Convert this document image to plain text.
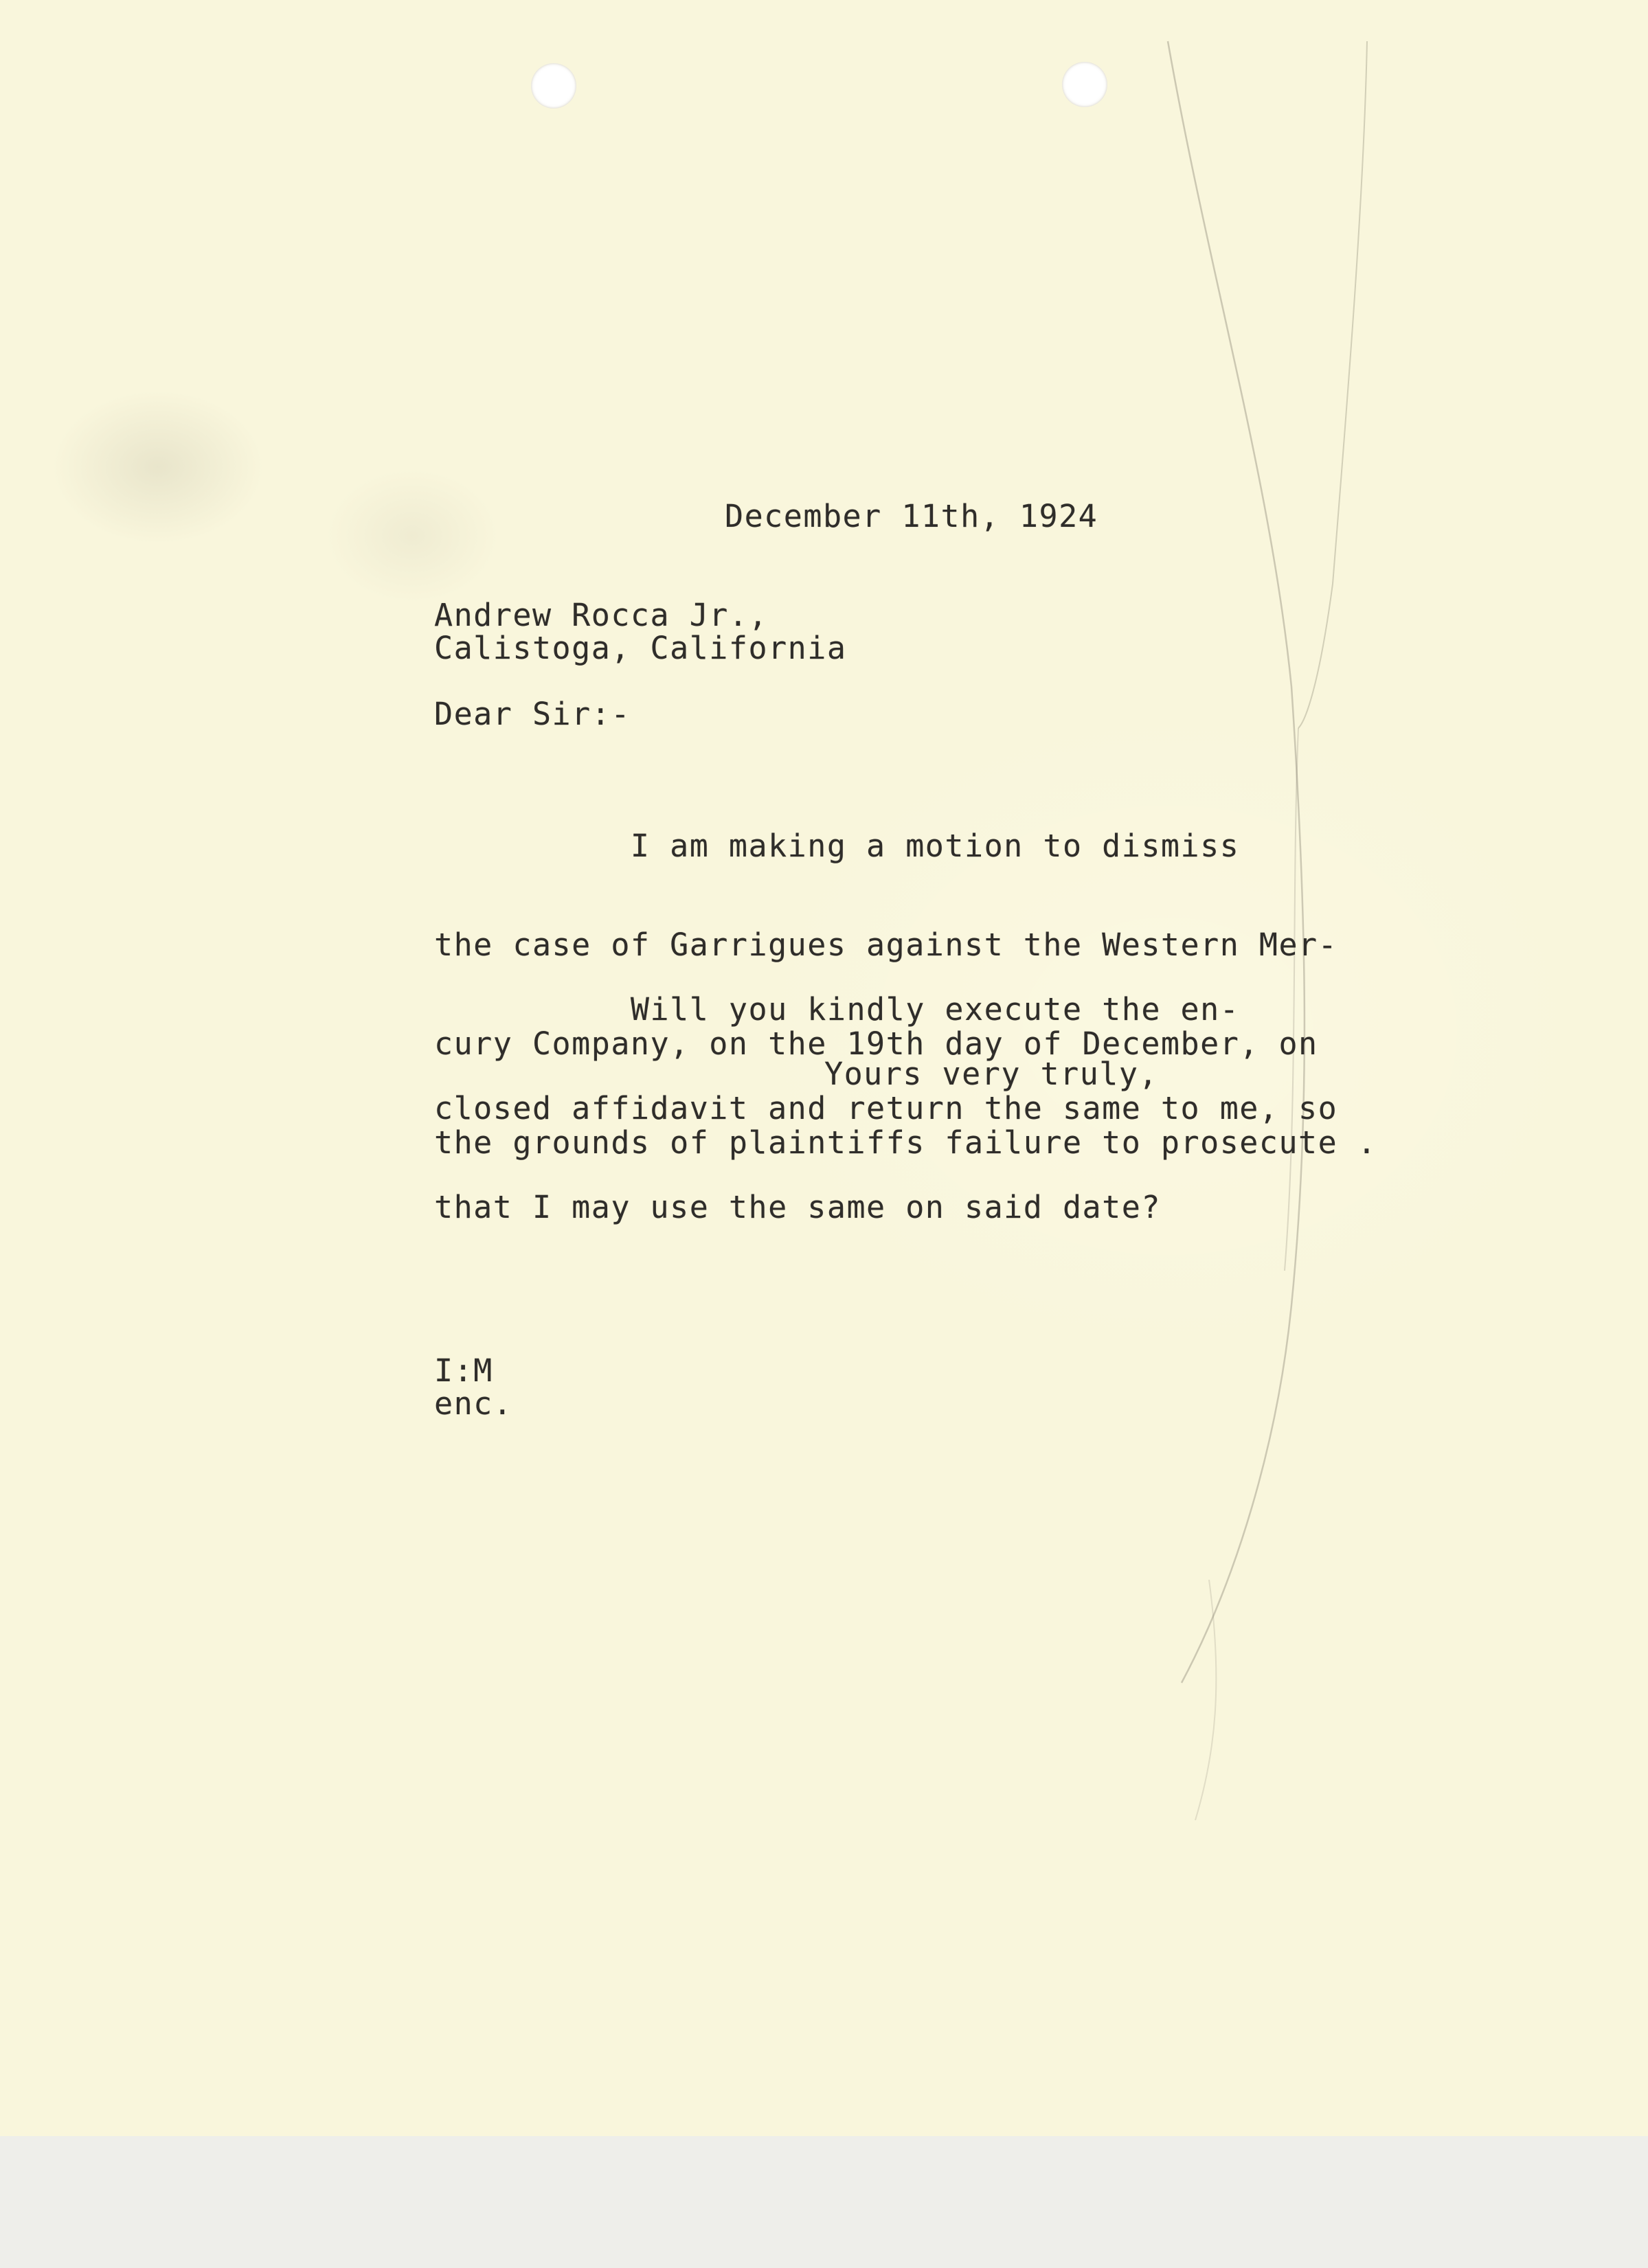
December 11th, 1924

Andrew Rocca Jr.,

Calistoga, California

Dear Sir:-

I am making a motion to dismiss

the case of Garrigues against the Western Mer-

cury Company, on the 19th day of December, on

the grounds of plaintiffs failure to prosecute .

Will you kindly execute the en-

closed affidavit and return the same to me, so

that I may use the same on said date?

Yours very truly,

I:M

enc.
